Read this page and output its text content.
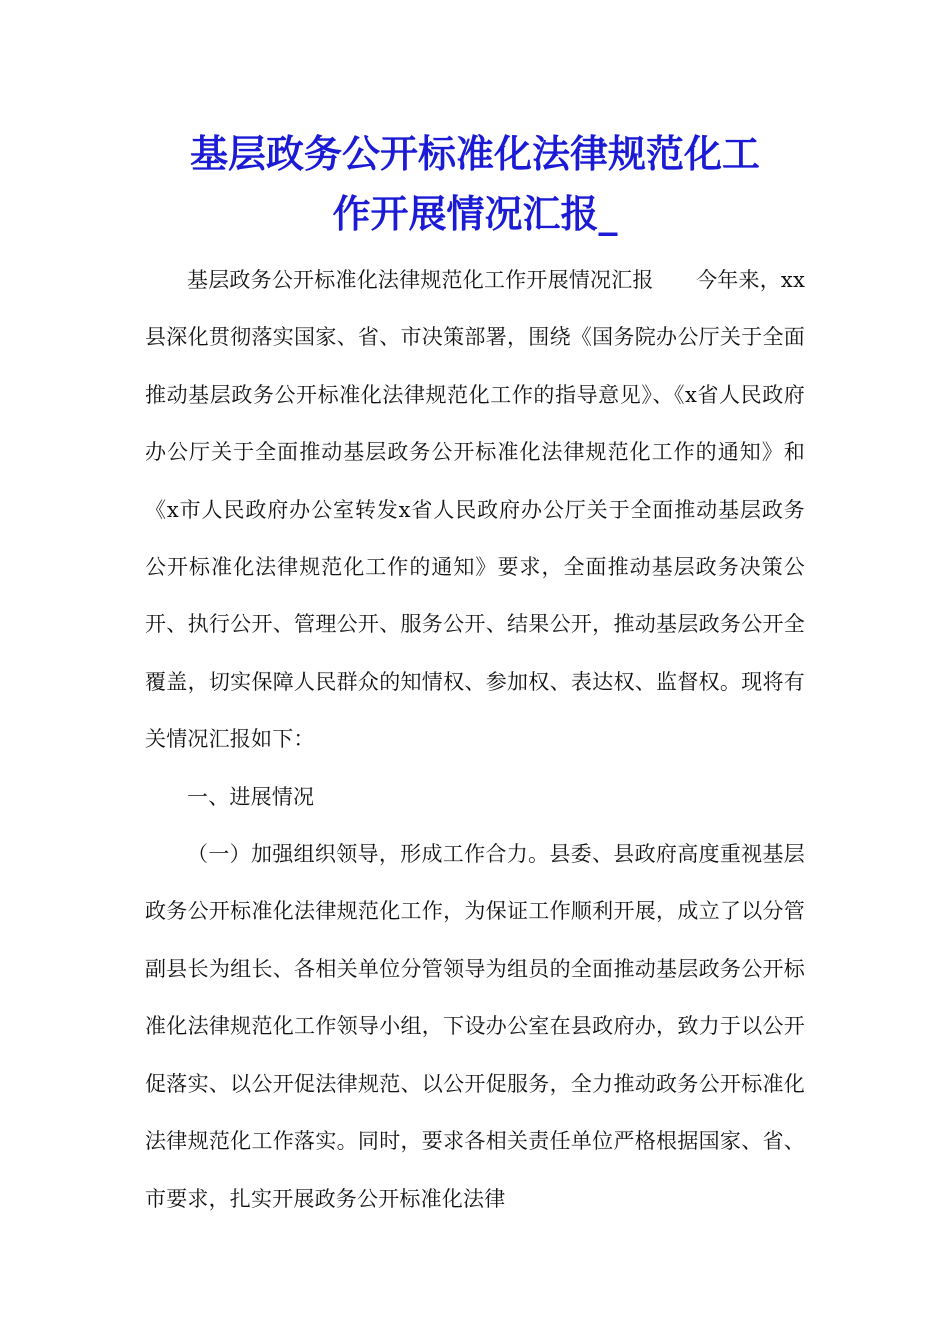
基层政务公开标准化法律规范化工
作开展情况汇报_

基层政务公开标准化法律规范化工作开展情况汇报　　今年来，xx县深化贯彻落实国家、省、市决策部署，围绕《国务院办公厅关于全面推动基层政务公开标准化法律规范化工作的指导意见》、《x省人民政府办公厅关于全面推动基层政务公开标准化法律规范化工作的通知》和《x市人民政府办公室转发x省人民政府办公厅关于全面推动基层政务公开标准化法律规范化工作的通知》要求，全面推动基层政务决策公开、执行公开、管理公开、服务公开、结果公开，推动基层政务公开全覆盖，切实保障人民群众的知情权、参加权、表达权、监督权。现将有关情况汇报如下：

一、进展情况

（一）加强组织领导，形成工作合力。县委、县政府高度重视基层政务公开标准化法律规范化工作，为保证工作顺利开展，成立了以分管副县长为组长、各相关单位分管领导为组员的全面推动基层政务公开标准化法律规范化工作领导小组，下设办公室在县政府办，致力于以公开促落实、以公开促法律规范、以公开促服务，全力推动政务公开标准化法律规范化工作落实。同时，要求各相关责任单位严格根据国家、省、市要求，扎实开展政务公开标准化法律
